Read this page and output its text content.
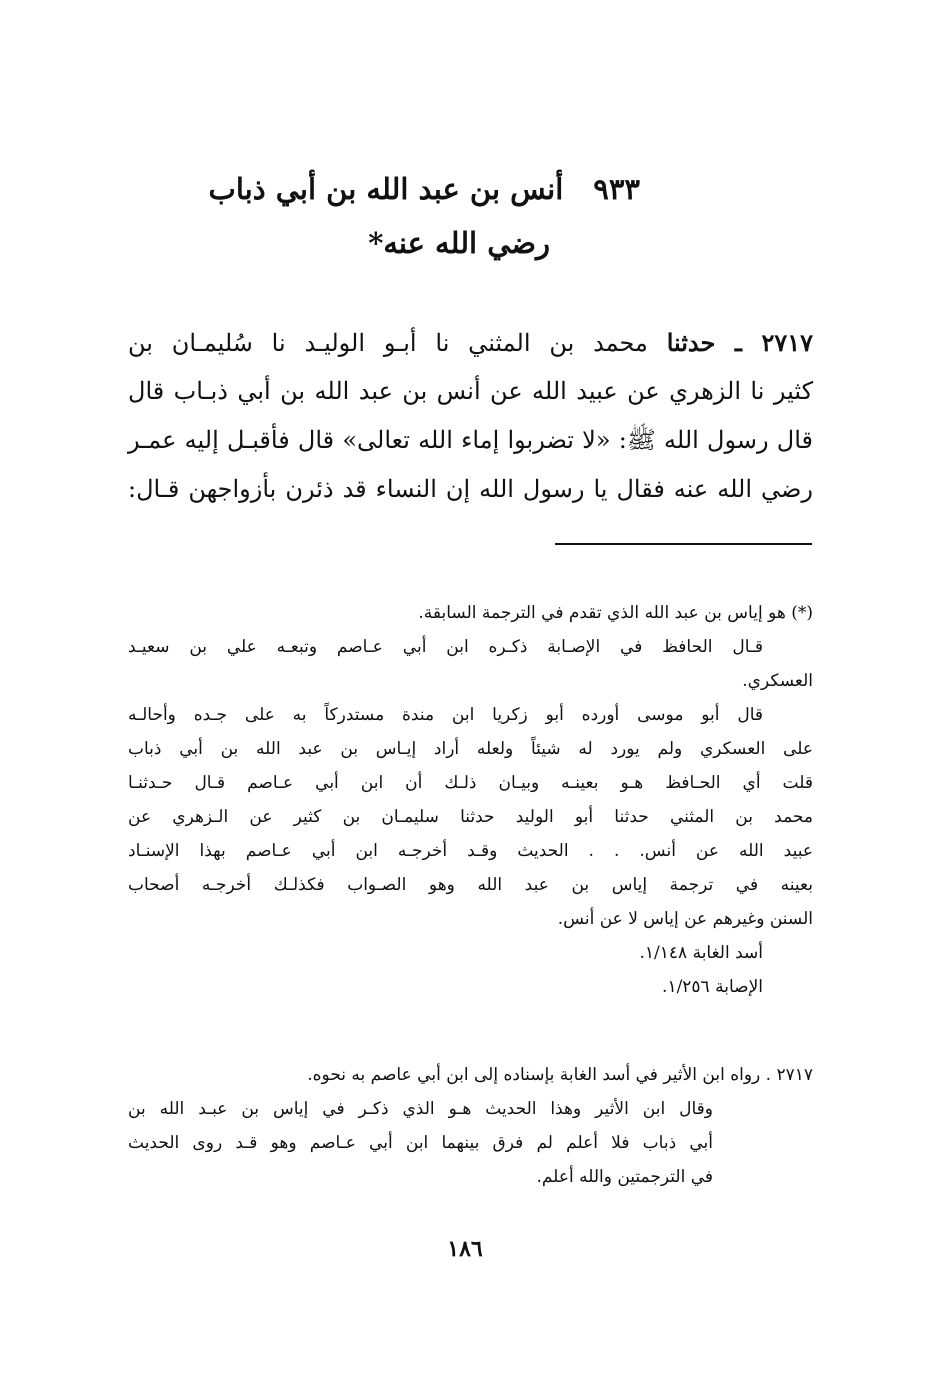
٩٣٣أنس بن عبد الله بن أبي ذباب
رضي الله عنه*
٢٧١٧ ـ حدثنا محمد بن المثني نا أبـو الوليـد نا سُليمـان بن
كثير نا الزهري عن عبيد الله عن أنس بن عبد الله بن أبي ذبـاب قال
قال رسول الله ﷺ: «لا تضربوا إماء الله تعالى» قال فأقبـل إليه عمـر
رضي الله عنه فقال يا رسول الله إن النساء قد ذئرن بأزواجهن قـال:
(*) هو إياس بن عبد الله الذي تقدم في الترجمة السابقة.
قـال الحافظ في الإصـابة ذكـره ابن أبي عـاصم وتبعـه علي بن سعيـد
العسكري.
قال أبو موسى أورده أبو زكريا ابن مندة مستدركاً به على جـده وأحالـه
على العسكري ولم يورد له شيئاً ولعله أراد إيـاس بن عبد الله بن أبي ذباب
قلت أي الحـافظ هـو بعينـه وبيـان ذلـك أن ابن أبي عـاصم قـال حـدثنـا
محمد بن المثني حدثنا أبو الوليد حدثنا سليمـان بن كثير عن الـزهري عن
عبيد الله عن أنس. . . الحديث وقـد أخرجـه ابن أبي عـاصم بهذا الإسنـاد
بعينه في ترجمة إياس بن عبد الله وهو الصـواب فكذلـك أخرجـه أصحاب
السنن وغيرهم عن إياس لا عن أنس.
أسد الغابة ١/١٤٨.
الإصابة ١/٢٥٦.
٢٧١٧ . رواه ابن الأثير في أسد الغابة بإسناده إلى ابن أبي عاصم به نحوه.
وقال ابن الأثير وهذا الحديث هـو الذي ذكـر في إياس بن عبـد الله بن
أبي ذباب فلا أعلم لم فرق بينهما ابن أبي عـاصم وهو قـد روى الحديث
في الترجمتين والله أعلم.
١٨٦
